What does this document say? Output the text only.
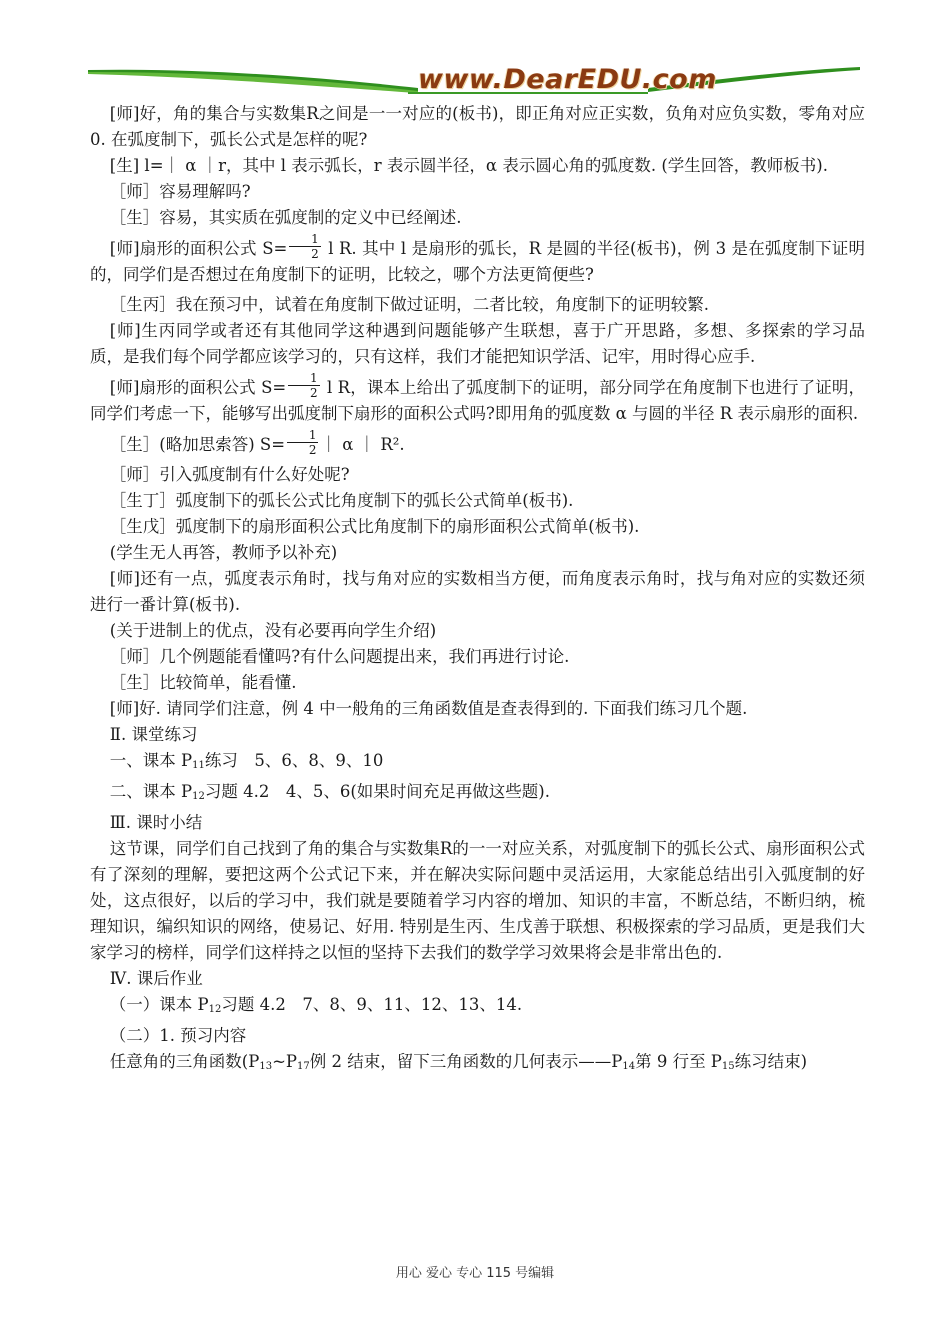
www.DearEDU.com

[师]好，角的集合与实数集R之间是一一对应的(板书)，即正角对应正实数，负角对应负实数，零角对应0. 在弧度制下，弧长公式是怎样的呢?

[生] l=｜ α ｜r，其中 l 表示弧长，r 表示圆半径，α 表示圆心角的弧度数. (学生回答，教师板书).

［师］容易理解吗?

［生］容易，其实质在弧度制的定义中已经阐述.

[师]扇形的面积公式 $S= \frac{1}{2}$ l R. 其中 l 是扇形的弧长，R 是圆的半径(板书)，例 3 是在弧度制下证明的，同学们是否想过在角度制下的证明，比较之，哪个方法更简便些?

［生丙］我在预习中，试着在角度制下做过证明，二者比较，角度制下的证明较繁.

[师]生丙同学或者还有其他同学这种遇到问题能够产生联想，喜于广开思路，多想、多探索的学习品质，是我们每个同学都应该学习的，只有这样，我们才能把知识学活、记牢，用时得心应手.

[师]扇形的面积公式 $S= \frac{1}{2}$ l R，课本上给出了弧度制下的证明，部分同学在角度制下也进行了证明，同学们考虑一下，能够写出弧度制下扇形的面积公式吗?即用角的弧度数 α 与圆的半径 R 表示扇形的面积.

［生］(略加思索答) $S= \frac{1}{2}$ ｜ α ｜ R².

［师］引入弧度制有什么好处呢?

［生丁］弧度制下的弧长公式比角度制下的弧长公式简单(板书).

［生戊］弧度制下的扇形面积公式比角度制下的扇形面积公式简单(板书).

(学生无人再答，教师予以补充)

[师]还有一点，弧度表示角时，找与角对应的实数相当方便，而角度表示角时，找与角对应的实数还须进行一番计算(板书).

(关于进制上的优点，没有必要再向学生介绍)

［师］几个例题能看懂吗?有什么问题提出来，我们再进行讨论.

［生］比较简单，能看懂.

[师]好. 请同学们注意，例 4 中一般角的三角函数值是查表得到的. 下面我们练习几个题.

Ⅱ. 课堂练习

一、课本 $P_{11}$练习　5、6、8、9、10

二、课本 $P_{12}$习题 4.2　4、5、6(如果时间充足再做这些题).

Ⅲ. 课时小结

这节课，同学们自己找到了角的集合与实数集R的一一对应关系，对弧度制下的弧长公式、扇形面积公式有了深刻的理解，要把这两个公式记下来，并在解决实际问题中灵活运用，大家能总结出引入弧度制的好处，这点很好，以后的学习中，我们就是要随着学习内容的增加、知识的丰富，不断总结，不断归纳，梳理知识，编织知识的网络，使易记、好用. 特别是生丙、生戊善于联想、积极探索的学习品质，更是我们大家学习的榜样，同学们这样持之以恒的坚持下去我们的数学学习效果将会是非常出色的.

Ⅳ. 课后作业

（一）课本 $P_{12}$习题 4.2　7、8、9、11、12、13、14.

（二）1. 预习内容

任意角的三角函数($P_{13}\sim P_{17}$例 2 结束，留下三角函数的几何表示$——P_{14}$第 9 行至 $P_{15}$练习结束)

用心 爱心 专心 115 号编辑
